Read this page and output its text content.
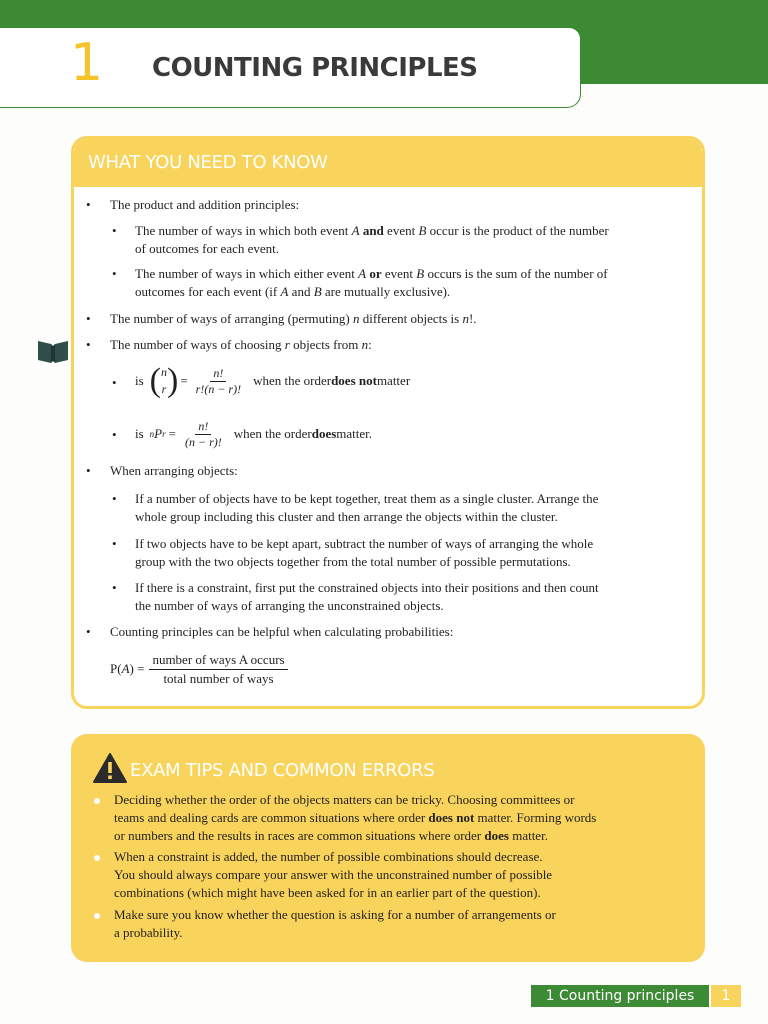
1 COUNTING PRINCIPLES
WHAT YOU NEED TO KNOW
• The product and addition principles:
• The number of ways in which both event A and event B occur is the product of the number
of outcomes for each event.
• The number of ways in which either event A or event B occurs is the sum of the number of
outcomes for each event (if A and B are mutually exclusive).
• The number of ways of arranging (permuting) n different objects is n!.
• The number of ways of choosing r objects from n:
• is ( n
r ) = $\frac{n!}{r!(n - r)!}$ when the order does not matter
• is n P $r = \frac{n!}{(n - r)!}$ when the order does matter.
• When arranging objects:
• If a number of objects have to be kept together, treat them as a single cluster. Arrange the
whole group including this cluster and then arrange the objects within the cluster.
• If two objects have to be kept apart, subtract the number of ways of arranging the whole
group with the two objects together from the total number of possible permutations.
• If there is a constraint, first put the constrained objects into their positions and then count
the number of ways of arranging the unconstrained objects.
• Counting principles can be helpful when calculating probabilities:
P( A ) = $\frac{\text{number of ways A occurs}}{\text{total number of ways}}$
EXAM TIPS AND COMMON ERRORS
Deciding whether the order of the objects matters can be tricky. Choosing committees or
teams and dealing cards are common situations where order does not matter. Forming words
or numbers and the results in races are common situations where order does matter.
When a constraint is added, the number of possible combinations should decrease.
You should always compare your answer with the unconstrained number of possible
combinations (which might have been asked for in an earlier part of the question).
Make sure you know whether the question is asking for a number of arrangements or
a probability.
1 Counting principles	1
